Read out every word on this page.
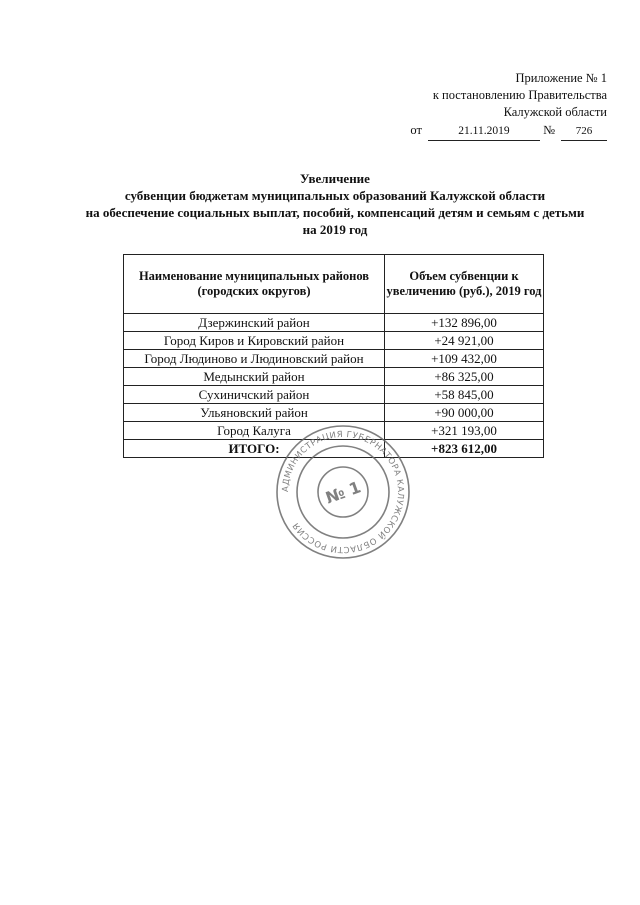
Приложение № 1
к постановлению Правительства
Калужской области
от	21.11.2019	№ 726
Увеличение
субвенции бюджетам муниципальных образований Калужской области
на обеспечение социальных выплат, пособий, компенсаций детям и семьям с детьми
на 2019 год
Наименование муниципальных районов (городских округов)	Объем субвенции к увеличению (руб.), 2019 год
Дзержинский район	+132 896,00
Город Киров и Кировский район	+24 921,00
Город Людиново и Людиновский район	+109 432,00
Медынский район	+86 325,00
Сухиничский район	+58 845,00
Ульяновский район	+90 000,00
Город Калуга	+321 193,00
ИТОГО:	+823 612,00
АДМИНИСТРАЦИЯ ГУБЕРНАТОРА КАЛУЖСКОЙ ОБЛАСТИ РОССИЯ
№ 1
